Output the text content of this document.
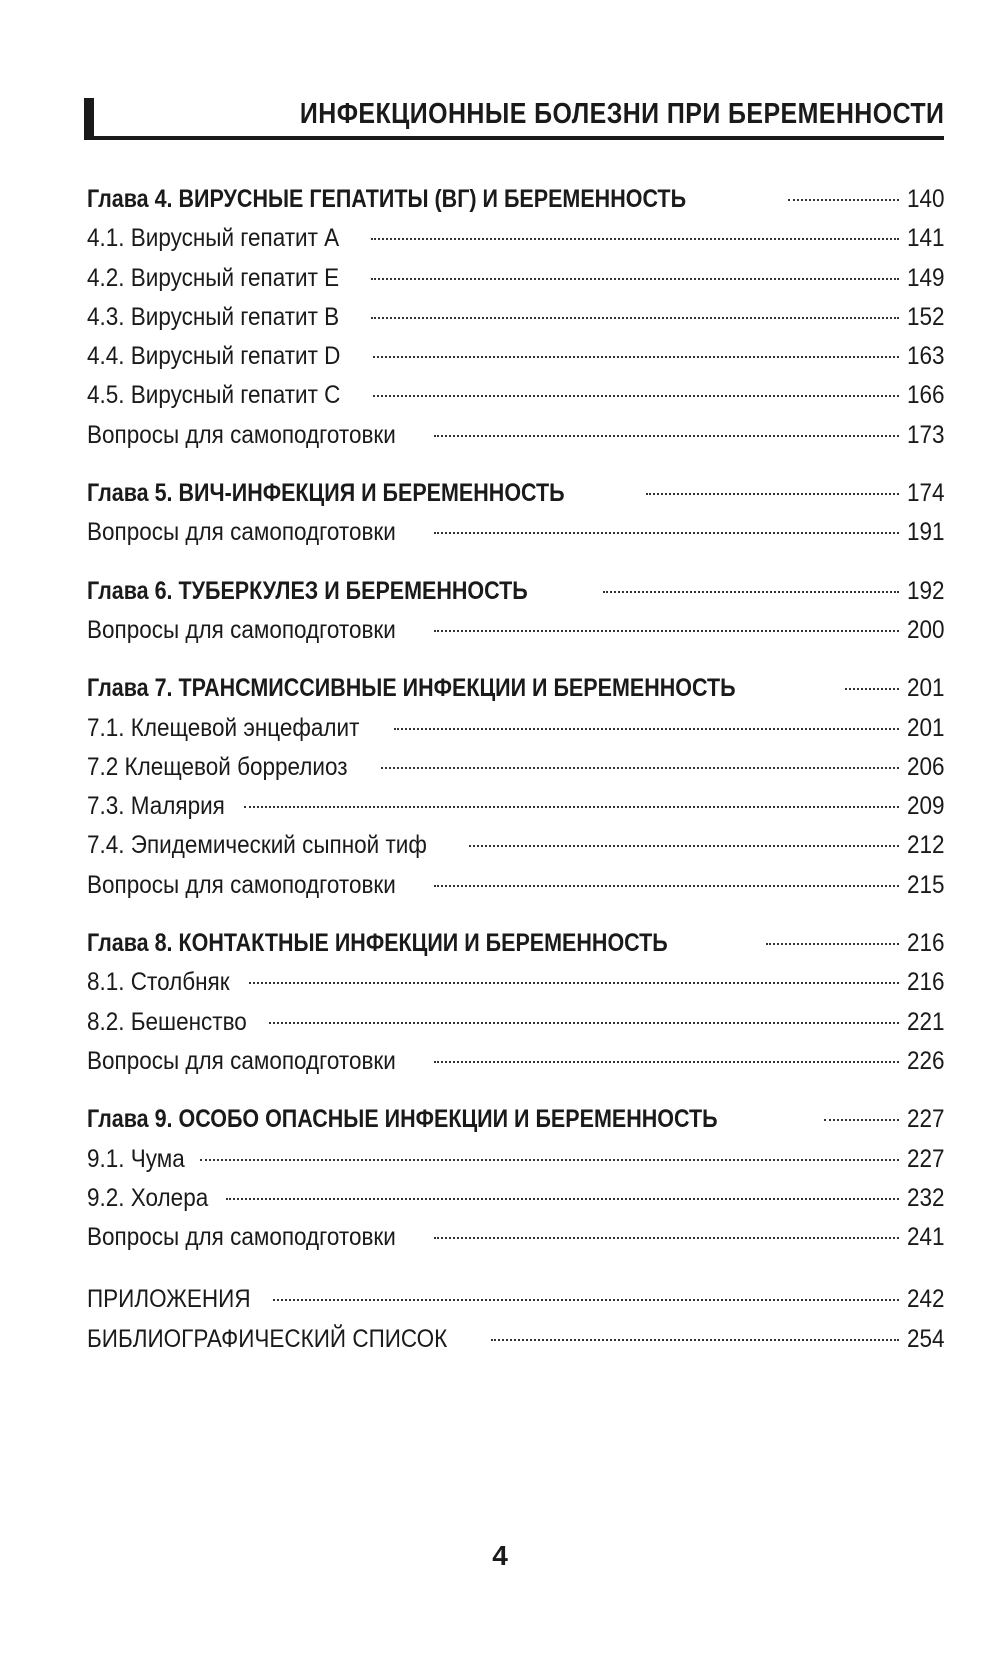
ИНФЕКЦИОННЫЕ БОЛЕЗНИ ПРИ БЕРЕМЕННОСТИ
Глава 4. ВИРУСНЫЕ ГЕПАТИТЫ (ВГ) И БЕРЕМЕННОСТЬ	140
4.1. Вирусный гепатит А	141
4.2. Вирусный гепатит Е	149
4.3. Вирусный гепатит В	152
4.4. Вирусный гепатит D	163
4.5. Вирусный гепатит С	166
Вопросы для самоподготовки	173
Глава 5. ВИЧ-ИНФЕКЦИЯ И БЕРЕМЕННОСТЬ	174
Вопросы для самоподготовки	191
Глава 6. ТУБЕРКУЛЕЗ И БЕРЕМЕННОСТЬ	192
Вопросы для самоподготовки	200
Глава 7. ТРАНСМИССИВНЫЕ ИНФЕКЦИИ И БЕРЕМЕННОСТЬ	201
7.1. Клещевой энцефалит	201
7.2 Клещевой боррелиоз	206
7.3. Малярия	209
7.4. Эпидемический сыпной тиф	212
Вопросы для самоподготовки	215
Глава 8. КОНТАКТНЫЕ ИНФЕКЦИИ И БЕРЕМЕННОСТЬ	216
8.1. Столбняк	216
8.2. Бешенство	221
Вопросы для самоподготовки	226
Глава 9. ОСОБО ОПАСНЫЕ ИНФЕКЦИИ И БЕРЕМЕННОСТЬ	227
9.1. Чума	227
9.2. Холера	232
Вопросы для самоподготовки	241
ПРИЛОЖЕНИЯ	242
БИБЛИОГРАФИЧЕСКИЙ СПИСОК	254
4
